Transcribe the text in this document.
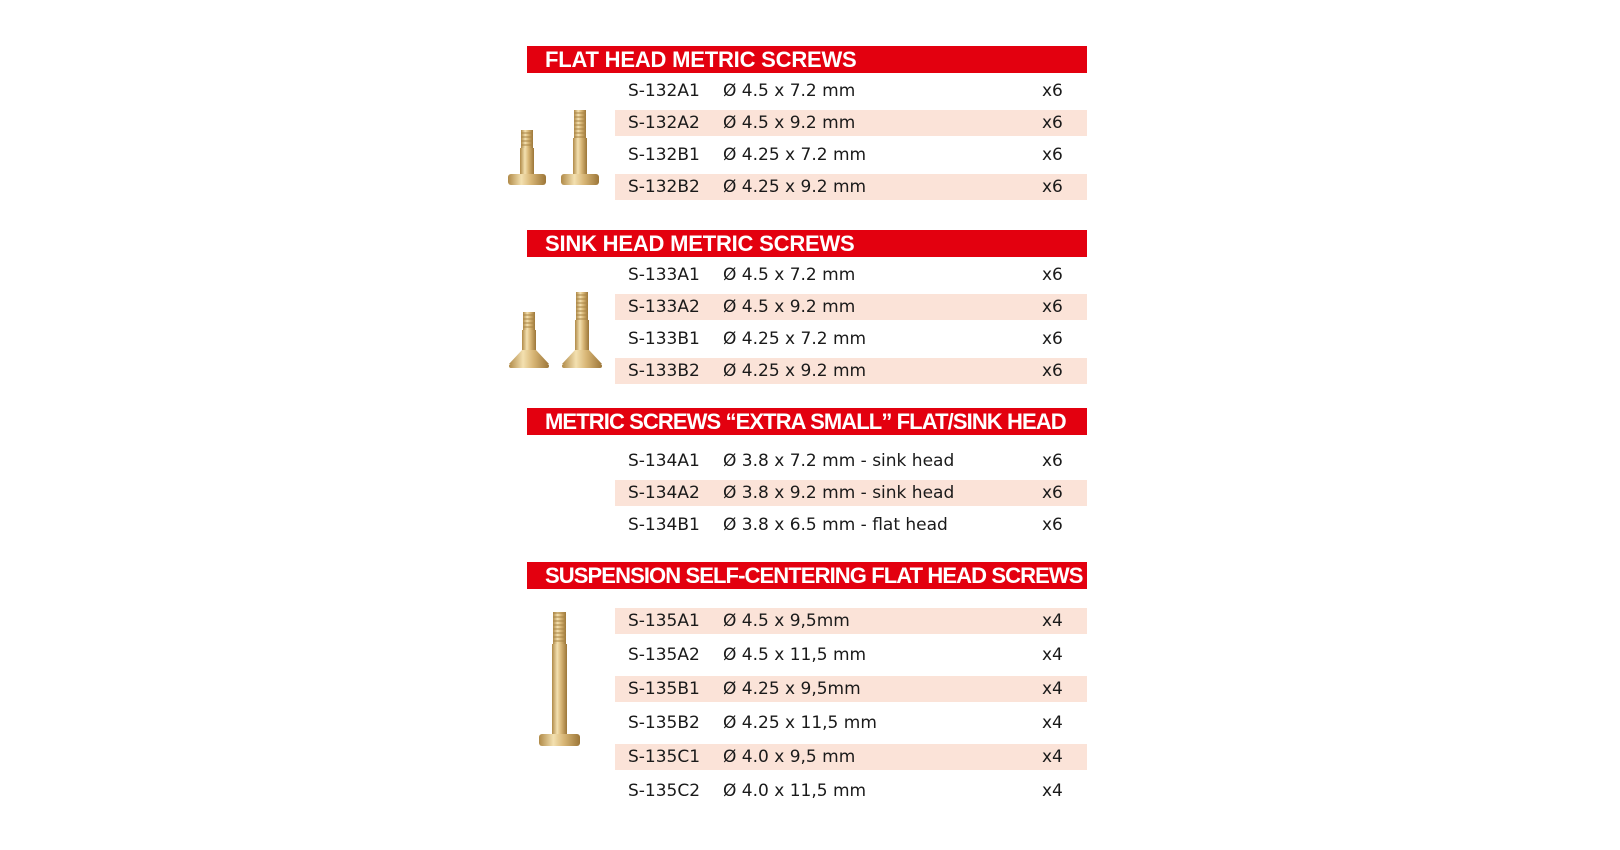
FLAT HEAD METRIC SCREWS
S-132A1 Ø 4.5 x 7.2 mm	x6
S-132A2 Ø 4.5 x 9.2 mm	x6
S-132B1 Ø 4.25 x 7.2 mm	x6
S-132B2 Ø 4.25 x 9.2 mm	x6
SINK HEAD METRIC SCREWS
S-133A1 Ø 4.5 x 7.2 mm	x6
S-133A2 Ø 4.5 x 9.2 mm	x6
S-133B1 Ø 4.25 x 7.2 mm	x6
S-133B2 Ø 4.25 x 9.2 mm	x6
METRIC SCREWS “EXTRA SMALL” FLAT/SINK HEAD
S-134A1 Ø 3.8 x 7.2 mm - sink head	x6
S-134A2 Ø 3.8 x 9.2 mm - sink head	x6
S-134B1 Ø 3.8 x 6.5 mm - flat head	x6
SUSPENSION SELF-CENTERING FLAT HEAD SCREWS
S-135A1 Ø 4.5 x 9,5mm	x4
S-135A2 Ø 4.5 x 11,5 mm	x4
S-135B1 Ø 4.25 x 9,5mm	x4
S-135B2 Ø 4.25 x 11,5 mm	x4
S-135C1 Ø 4.0 x 9,5 mm	x4
S-135C2 Ø 4.0 x 11,5 mm	x4
